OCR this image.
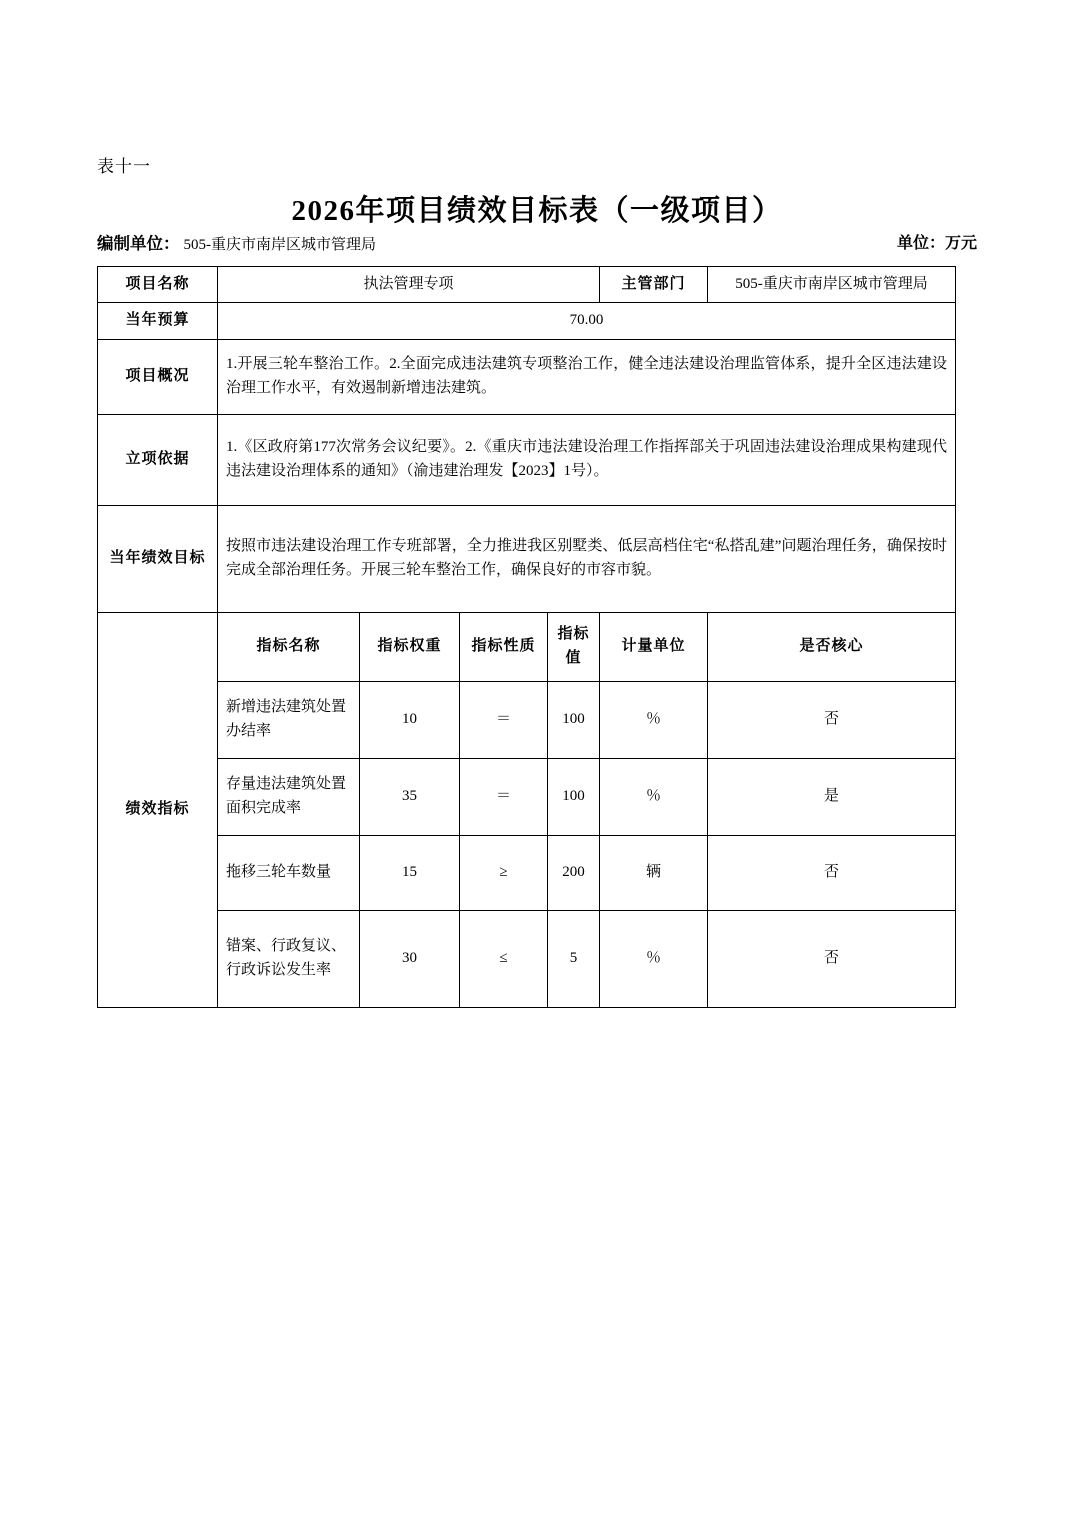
表十一
2026年项目绩效目标表（一级项目）
编制单位： 505-重庆市南岸区城市管理局	单位：万元
项目名称	执法管理专项				主管部门	505-重庆市南岸区城市管理局
当年预算	70.00					
项目概况	1.开展三轮车整治工作。2.全面完成违法建筑专项整治工作，健全违法建设治理监管体系，提升全区违法建设治理工作水平，有效遏制新增违法建筑。					
立项依据	1.《区政府第177次常务会议纪要》。2.《重庆市违法建设治理工作指挥部关于巩固违法建设治理成果构建现代违法建设治理体系的通知》（渝违建治理发【2023】1号）。					
当年绩效目标	按照市违法建设治理工作专班部署，全力推进我区别墅类、低层高档住宅“私搭乱建”问题治理任务，确保按时完成全部治理任务。开展三轮车整治工作，确保良好的市容市貌。					
绩效指标	指标名称	指标权重	指标性质	指标值	计量单位	是否核心
	新增违法建筑处置办结率	10	＝	100	％	否
	存量违法建筑处置面积完成率	35	＝	100	％	是
	拖移三轮车数量	15	≥	200	辆	否
	错案、行政复议、行政诉讼发生率	30	≤	5	％	否
